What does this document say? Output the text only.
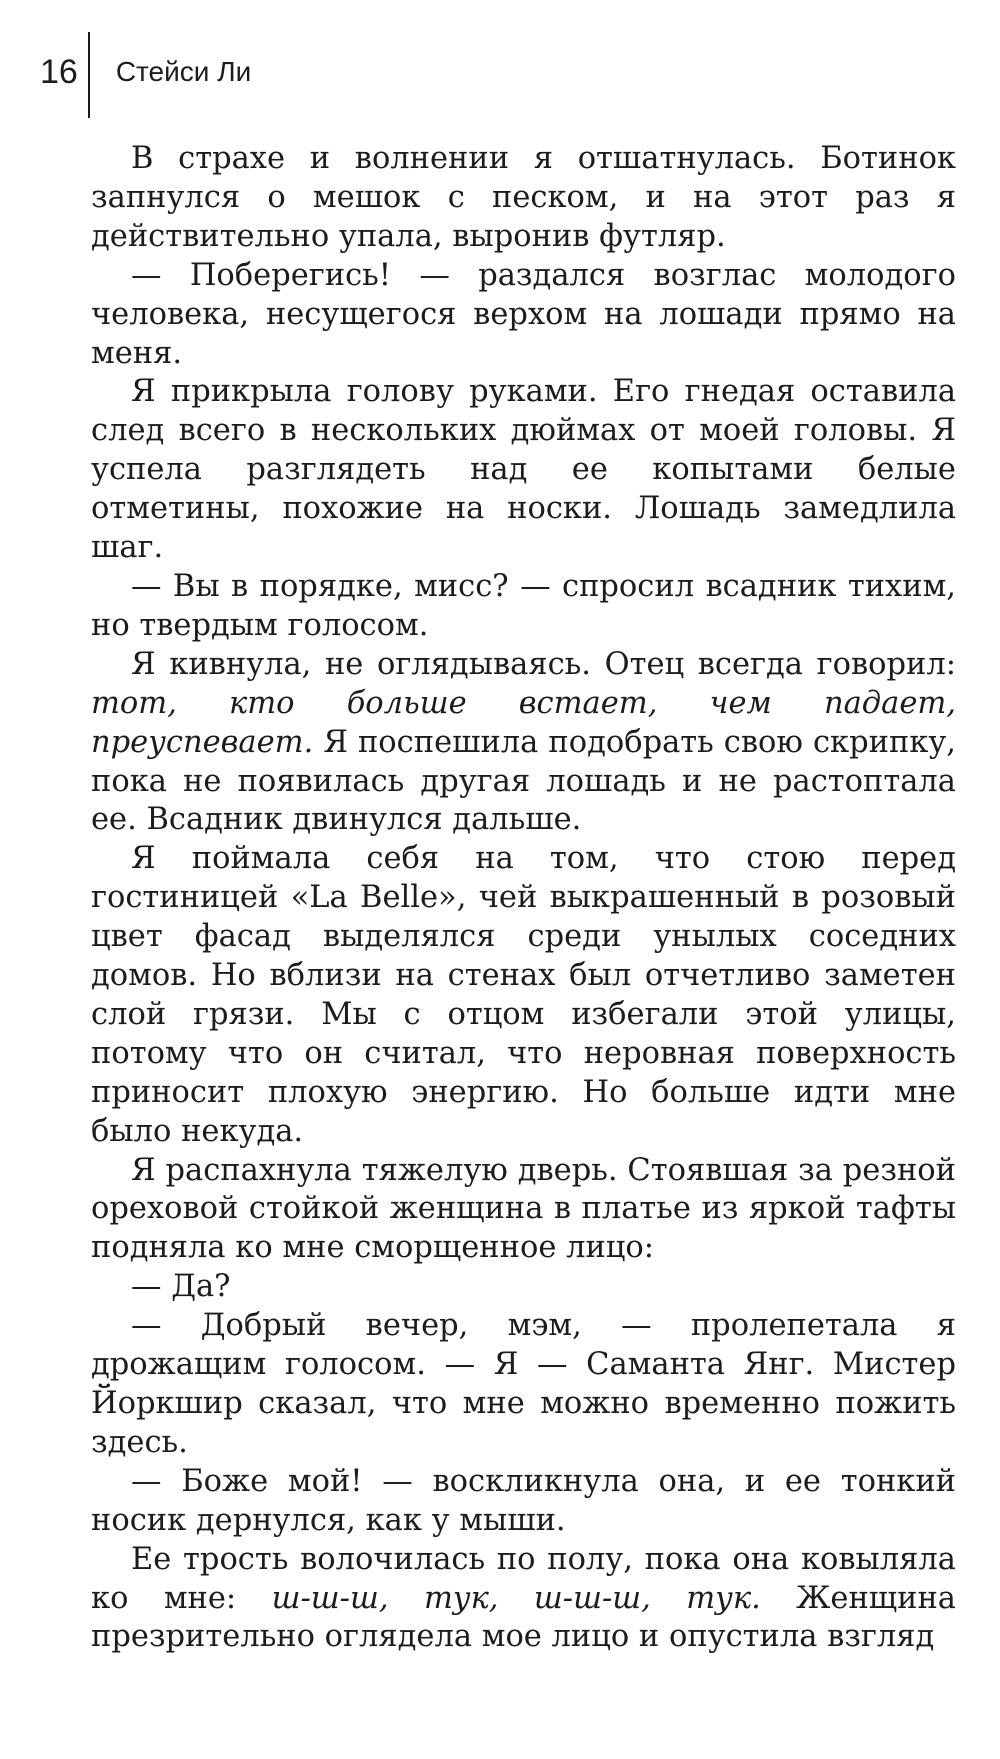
16	Стейси Ли

В страхе и волнении я отшатнулась. Ботинок запнулся о мешок с песком, и на этот раз я действительно упала, выронив футляр.

— Поберегись! — раздался возглас молодого человека, несущегося верхом на лошади прямо на меня.

Я прикрыла голову руками. Его гнедая оставила след всего в нескольких дюймах от моей головы. Я успела разглядеть над ее копытами белые отметины, похожие на носки. Лошадь замедлила шаг.

— Вы в порядке, мисс? — спросил всадник тихим, но твердым голосом.

Я кивнула, не оглядываясь. Отец всегда говорил: тот, кто больше встает, чем падает, преуспевает. Я поспешила подобрать свою скрипку, пока не появилась другая лошадь и не растоптала ее. Всадник двинулся дальше.

Я поймала себя на том, что стою перед гостиницей «La Belle», чей выкрашенный в розовый цвет фасад выделялся среди унылых соседних домов. Но вблизи на стенах был отчетливо заметен слой грязи. Мы с отцом избегали этой улицы, потому что он считал, что неровная поверхность приносит плохую энергию. Но больше идти мне было некуда.

Я распахнула тяжелую дверь. Стоявшая за резной ореховой стойкой женщина в платье из яркой тафты подняла ко мне сморщенное лицо:

— Да?

— Добрый вечер, мэм, — пролепетала я дрожащим голосом. — Я — Саманта Янг. Мистер Йоркшир сказал, что мне можно временно пожить здесь.

— Боже мой! — воскликнула она, и ее тонкий носик дернулся, как у мыши.

Ее трость волочилась по полу, пока она ковыляла ко мне: ш-ш-ш, тук, ш-ш-ш, тук. Женщина презрительно оглядела мое лицо и опустила взгляд
